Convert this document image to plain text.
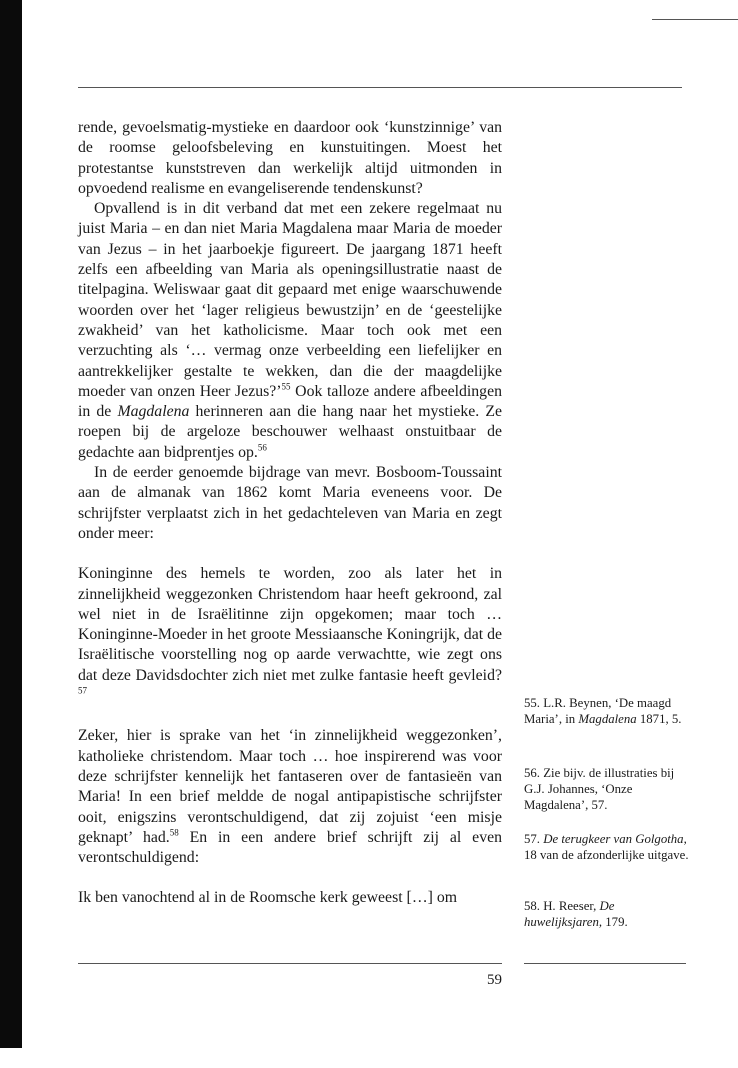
rende, gevoelsmatig-mystieke en daardoor ook ‘kunstzinnige’ van de roomse geloofsbeleving en kunstuitingen. Moest het protestantse kunststreven dan werkelijk altijd uitmonden in opvoedend realisme en evangeliserende tendenskunst?

Opvallend is in dit verband dat met een zekere regelmaat nu juist Maria – en dan niet Maria Magdalena maar Maria de moeder van Jezus – in het jaarboekje figureert. De jaargang 1871 heeft zelfs een afbeelding van Maria als openingsillustratie naast de titelpagina. Weliswaar gaat dit gepaard met enige waarschuwende woorden over het ‘lager religieus bewustzijn’ en de ‘geestelijke zwakheid’ van het katholicisme. Maar toch ook met een verzuchting als ‘… vermag onze verbeelding een liefelijker en aantrekkelijker gestalte te wekken, dan die der maagdelijke moeder van onzen Heer Jezus?’$^{55}$ Ook talloze andere afbeeldingen in de Magdalena herinneren aan die hang naar het mystieke. Ze roepen bij de argeloze beschouwer welhaast onstuitbaar de gedachte aan bidprentjes op.$^{56}$

In de eerder genoemde bijdrage van mevr. Bosboom-Toussaint aan de almanak van 1862 komt Maria eveneens voor. De schrijfster verplaatst zich in het gedachteleven van Maria en zegt onder meer:

Koninginne des hemels te worden, zoo als later het in zinnelijkheid weggezonken Christendom haar heeft gekroond, zal wel niet in de Israëlitinne zijn opgekomen; maar toch … Koninginne-Moeder in het groote Messiaansche Koningrijk, dat de Israëlitische voorstelling nog op aarde verwachtte, wie zegt ons dat deze Davidsdochter zich niet met zulke fantasie heeft gevleid?$^{57}$

Zeker, hier is sprake van het ‘in zinnelijkheid weggezonken’, katholieke christendom. Maar toch … hoe inspirerend was voor deze schrijfster kennelijk het fantaseren over de fantasieën van Maria! In een brief meldde de nogal antipapistische schrijfster ooit, enigszins verontschuldigend, dat zij zojuist ‘een misje geknapt’ had.$^{58}$ En in een andere brief schrijft zij al even verontschuldigend:

Ik ben vanochtend al in de Roomsche kerk geweest […] om

55. L.R. Beynen, ‘De maagd Maria’, in Magdalena 1871, 5.
56. Zie bijv. de illustraties bij G.J. Johannes, ‘Onze Magdalena’, 57.
57. De terugkeer van Golgotha, 18 van de afzonderlijke uitgave.
58. H. Reeser, De huwelijksjaren, 179.
59
